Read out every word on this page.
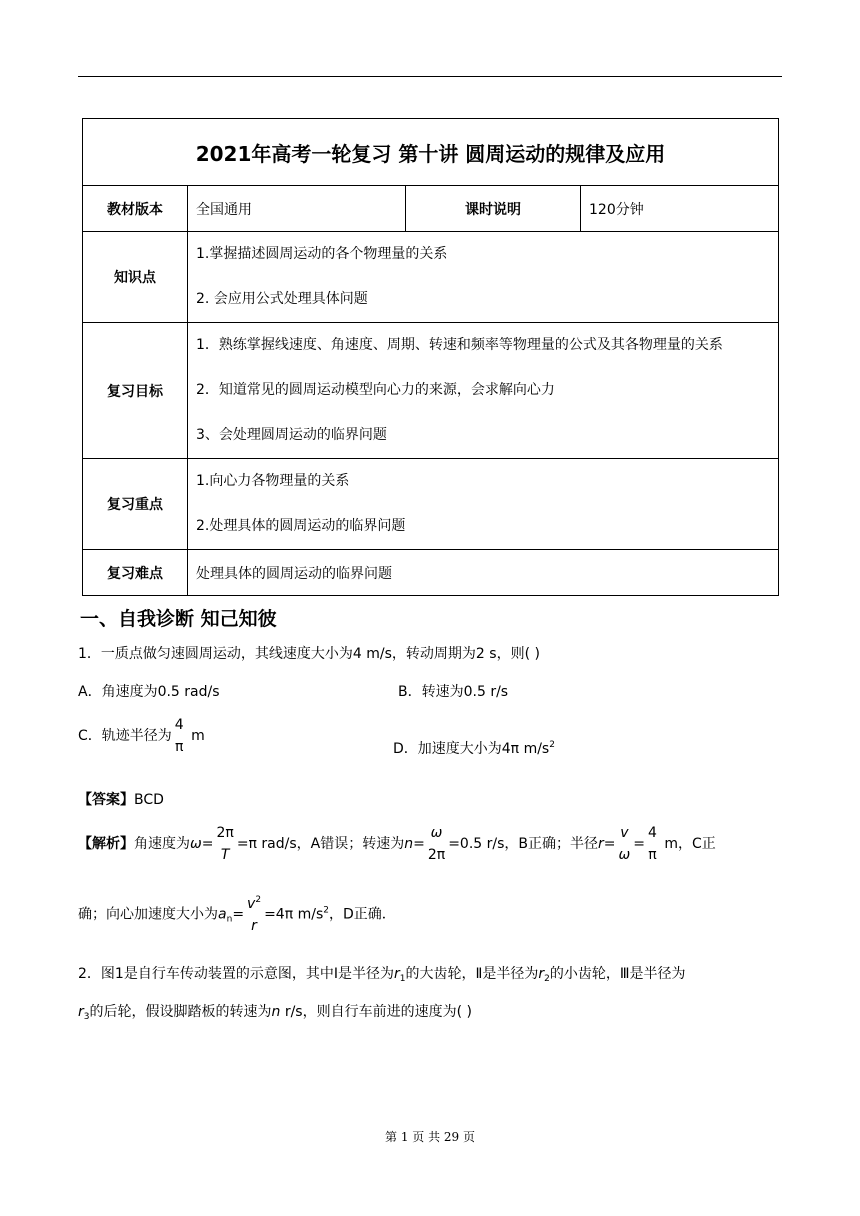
2021年高考一轮复习 第十讲 圆周运动的规律及应用			
教材版本	全国通用	课时说明	120分钟
知识点	1.掌握描述圆周运动的各个物理量的关系
2. 会应用公式处理具体问题		

复习目标	1．熟练掌握线速度、角速度、周期、转速和频率等物理量的公式及其各物理量的关系
2．知道常见的圆周运动模型向心力的来源，会求解向心力
3、会处理圆周运动的临界问题		

复习重点	1.向心力各物理量的关系
2.处理具体的圆周运动的临界问题		

复习难点	处理具体的圆周运动的临界问题		
一、自我诊断 知己知彼
1．一质点做匀速圆周运动，其线速度大小为4 m/s，转动周期为2 s，则( )
A．角速度为0.5 rad/s	B．转速为0.5 r/s
C．轨迹半径为
4
π
m
D．加速度大小为4π $m/s^2$
【答案】BCD
【解析】角速度为ω=
2π
T
=π rad/s，A错误；转速为n=
ω
2π
=0.5 r/s，B正确；半径r=
v
ω
=
4
π
m，C正
确；向心加速度大小为$a_n=$
$v^2$
r
=4π $m/s^2$，D正确．
2．图1是自行车传动装置的示意图，其中Ⅰ是半径为$r_1$的大齿轮，Ⅱ是半径为$r_2$的小齿轮，Ⅲ是半径为
$r_3$的后轮，假设脚踏板的转速为n r/s，则自行车前进的速度为( )
第 1 页 共 29 页
